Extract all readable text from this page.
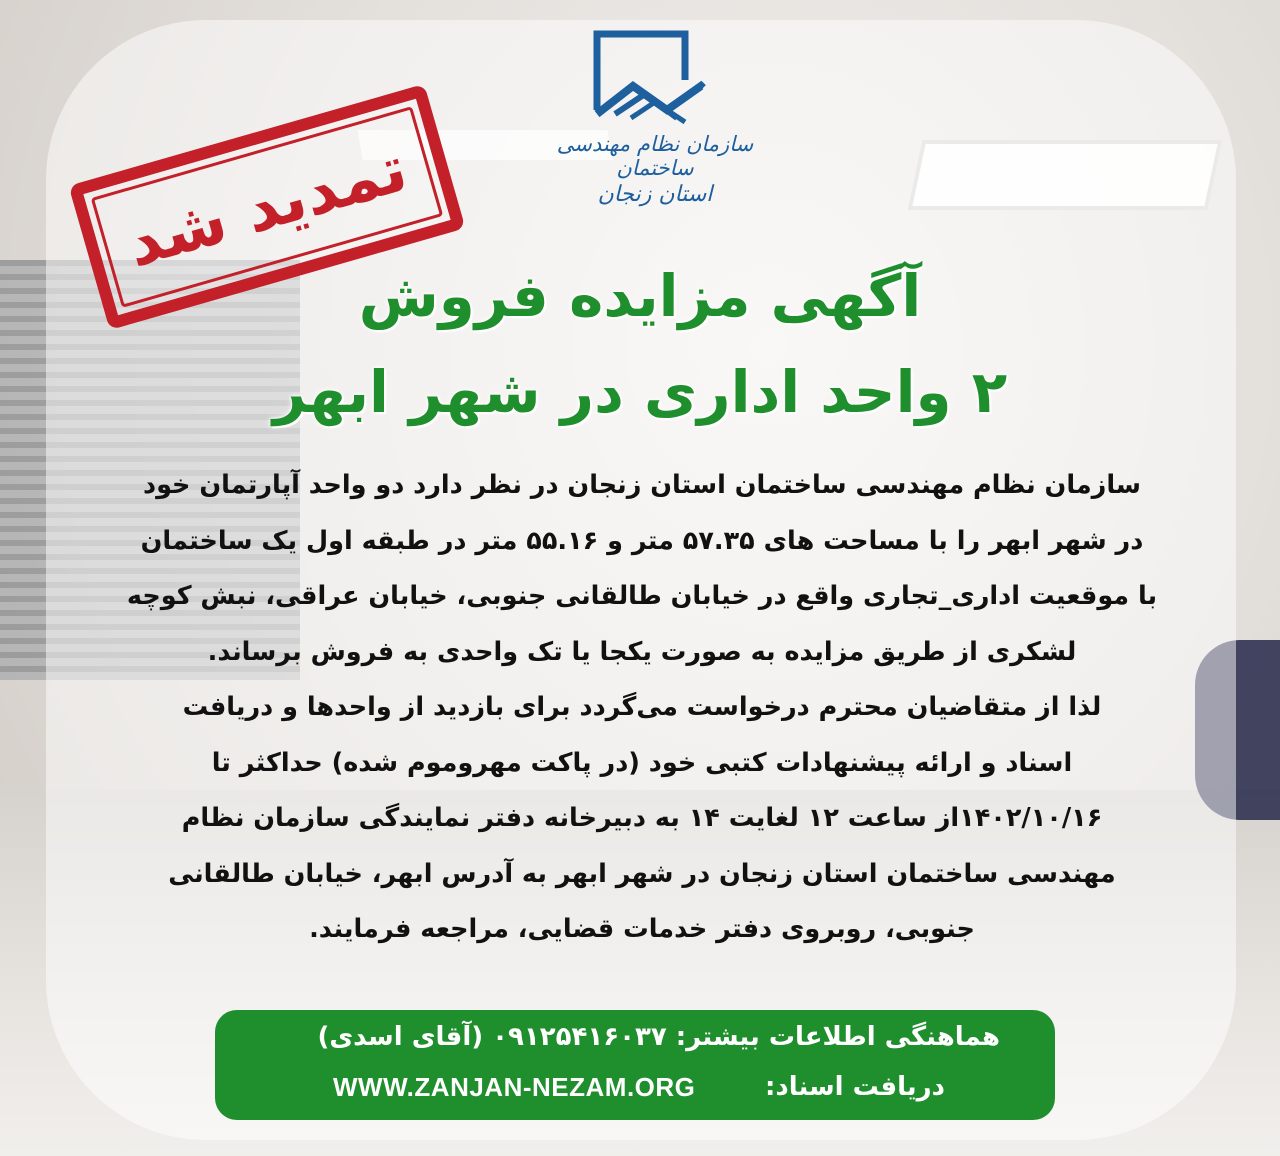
سازمان نظام مهندسی ساختمان
استان زنجان
تمدید شد
آگهی مزایده فروش
۲ واحد اداری در شهر ابهر
سازمان نظام مهندسی ساختمان استان زنجان در نظر دارد دو واحد آپارتمان خود
در شهر ابهر را با مساحت های ۵۷.۳۵ متر و ۵۵.۱۶ متر در طبقه اول یک ساختمان
با موقعیت اداری_تجاری واقع در خیابان طالقانی جنوبی، خیابان عراقی، نبش کوچه
لشکری از طریق مزایده به صورت یکجا یا تک واحدی به فروش برساند.
لذا از متقاضیان محترم درخواست می‌گردد برای بازدید از واحدها و دریافت
اسناد و ارائه پیشنهادات کتبی خود (در پاکت مهروموم شده) حداکثر تا
۱۴۰۲/۱۰/۱۶از ساعت ۱۲ لغایت ۱۴ به دبیرخانه دفتر نمایندگی سازمان نظام
مهندسی ساختمان استان زنجان در شهر ابهر به آدرس ابهر، خیابان طالقانی
جنوبی، روبروی دفتر خدمات قضایی، مراجعه فرمایند.
هماهنگی اطلاعات بیشتر: ۰۹۱۲۵۴۱۶۰۳۷ (آقای اسدی)
دریافت اسناد:
WWW.ZANJAN-NEZAM.ORG
